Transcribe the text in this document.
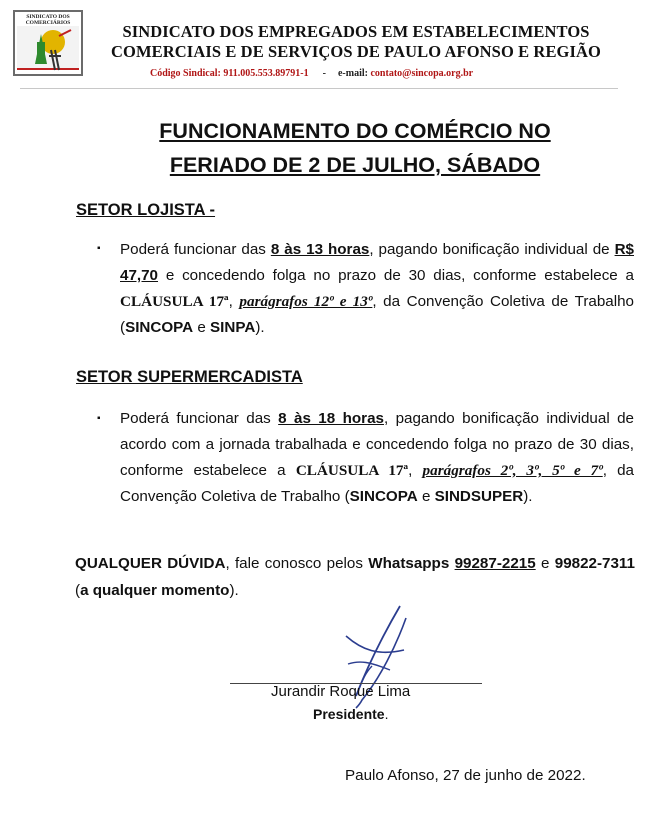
SINDICATO DOS
COMERCIÁRIOS	SINDICATO DOS EMPREGADOS EM ESTABELECIMENTOS
COMERCIAIS E DE SERVIÇOS DE PAULO AFONSO E REGIÃO
Código Sindical: 911.005.553.89791-1 - e-mail: contato@sincopa.org.br
FUNCIONAMENTO DO COMÉRCIO NO
FERIADO DE 2 DE JULHO, SÁBADO
SETOR LOJISTA -
▪ Poderá funcionar das 8 às 13 horas, pagando bonificação individual de R$ 47,70 e concedendo folga no prazo de 30 dias, conforme estabelece a CLÁUSULA 17ª, parágrafos 12º e 13º, da Convenção Coletiva de Trabalho (SINCOPA e SINPA).
SETOR SUPERMERCADISTA
▪ Poderá funcionar das 8 às 18 horas, pagando bonificação individual de acordo com a jornada trabalhada e concedendo folga no prazo de 30 dias, conforme estabelece a CLÁUSULA 17ª, parágrafos 2º, 3º, 5º e 7º, da Convenção Coletiva de Trabalho (SINCOPA e SINDSUPER).
QUALQUER DÚVIDA, fale conosco pelos Whatsapps 99287-2215 e 99822-7311 (a qualquer momento).
Jurandir Roque Lima
Presidente.
Paulo Afonso, 27 de junho de 2022.
